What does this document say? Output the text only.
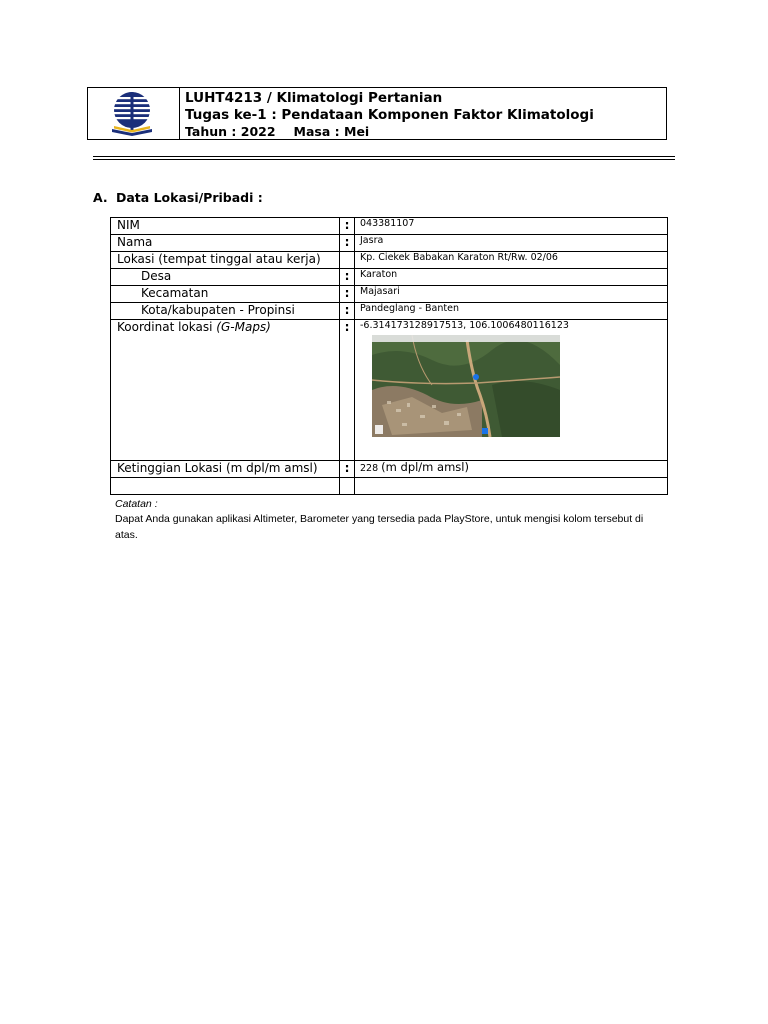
LUHT4213 / Klimatologi Pertanian
Tugas ke-1 : Pendataan Komponen Faktor Klimatologi
Tahun : 2022 Masa : Mei
A. Data Lokasi/Pribadi :
NIM	:	043381107
Nama	:	Jasra
Lokasi (tempat tinggal atau kerja)		Kp. Ciekek Babakan Karaton Rt/Rw. 02/06
Desa	:	Karaton
Kecamatan	:	Majasari
Kota/kabupaten - Propinsi	:	Pandeglang - Banten
Koordinat lokasi (G-Maps)	:	-6.314173128917513, 106.1006480116123

Ketinggian Lokasi (m dpl/m amsl)	:	228 (m dpl/m amsl)

Catatan :
Dapat Anda gunakan aplikasi Altimeter, Barometer yang tersedia pada PlayStore, untuk mengisi kolom tersebut di atas.
